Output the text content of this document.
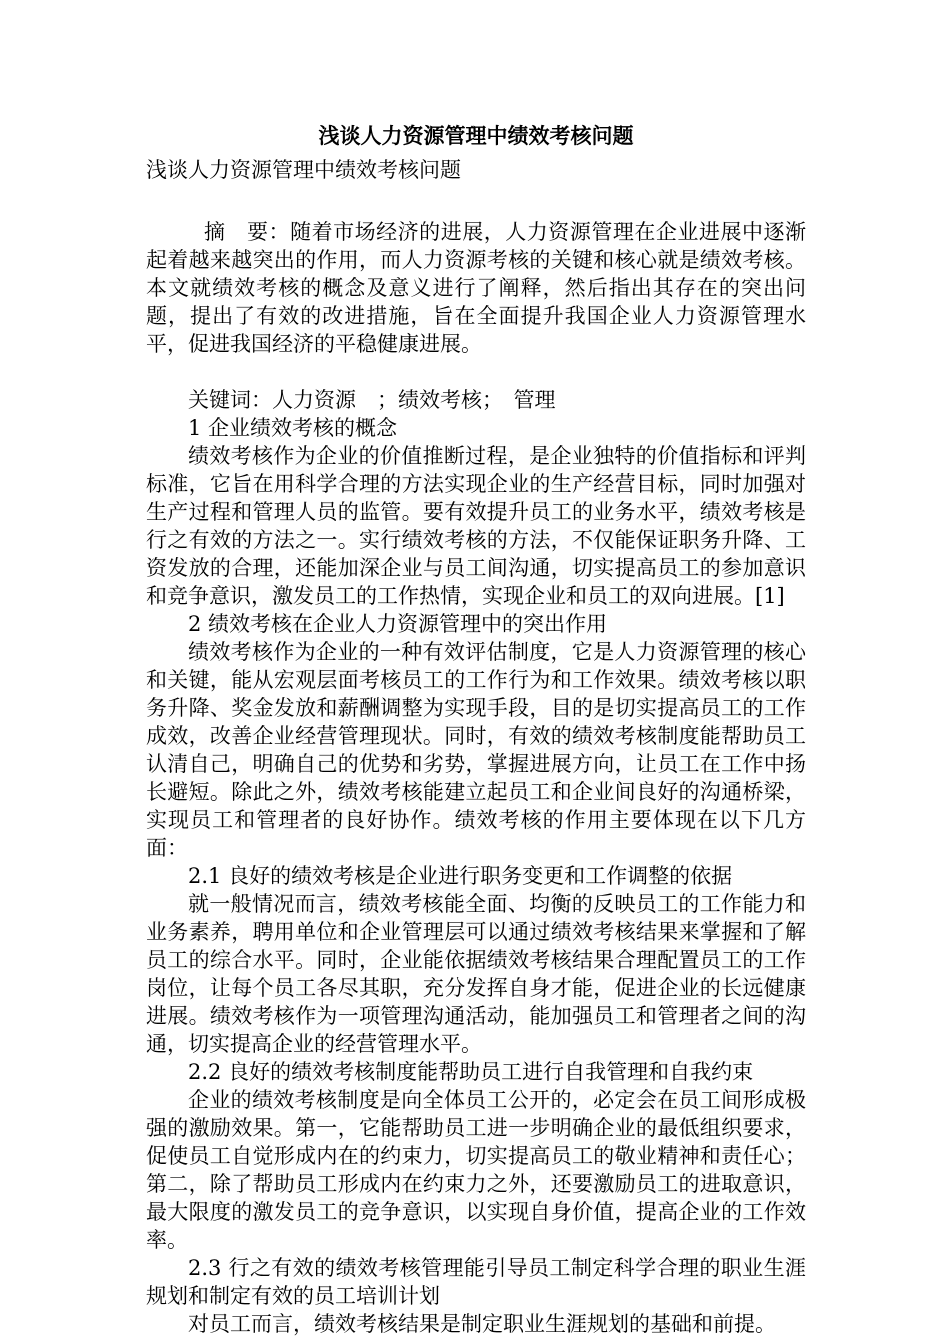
浅谈人力资源管理中绩效考核问题

浅谈人力资源管理中绩效考核问题

摘　要：随着市场经济的进展，人力资源管理在企业进展中逐渐起着越来越突出的作用，而人力资源考核的关键和核心就是绩效考核。本文就绩效考核的概念及意义进行了阐释，然后指出其存在的突出问题，提出了有效的改进措施，旨在全面提升我国企业人力资源管理水平，促进我国经济的平稳健康进展。

关键词：人力资源　；绩效考核；　管理

1 企业绩效考核的概念

绩效考核作为企业的价值推断过程，是企业独特的价值指标和评判标准，它旨在用科学合理的方法实现企业的生产经营目标，同时加强对生产过程和管理人员的监管。要有效提升员工的业务水平，绩效考核是行之有效的方法之一。实行绩效考核的方法，不仅能保证职务升降、工资发放的合理，还能加深企业与员工间沟通，切实提高员工的参加意识和竞争意识，激发员工的工作热情，实现企业和员工的双向进展。[1]

2 绩效考核在企业人力资源管理中的突出作用

绩效考核作为企业的一种有效评估制度，它是人力资源管理的核心和关键，能从宏观层面考核员工的工作行为和工作效果。绩效考核以职务升降、奖金发放和薪酬调整为实现手段，目的是切实提高员工的工作成效，改善企业经营管理现状。同时，有效的绩效考核制度能帮助员工认清自己，明确自己的优势和劣势，掌握进展方向，让员工在工作中扬长避短。除此之外，绩效考核能建立起员工和企业间良好的沟通桥梁，实现员工和管理者的良好协作。绩效考核的作用主要体现在以下几方面：

2.1 良好的绩效考核是企业进行职务变更和工作调整的依据

就一般情况而言，绩效考核能全面、均衡的反映员工的工作能力和业务素养，聘用单位和企业管理层可以通过绩效考核结果来掌握和了解员工的综合水平。同时，企业能依据绩效考核结果合理配置员工的工作岗位，让每个员工各尽其职，充分发挥自身才能，促进企业的长远健康进展。绩效考核作为一项管理沟通活动，能加强员工和管理者之间的沟通，切实提高企业的经营管理水平。

2.2 良好的绩效考核制度能帮助员工进行自我管理和自我约束

企业的绩效考核制度是向全体员工公开的，必定会在员工间形成极强的激励效果。第一，它能帮助员工进一步明确企业的最低组织要求，促使员工自觉形成内在的约束力，切实提高员工的敬业精神和责任心；第二，除了帮助员工形成内在约束力之外，还要激励员工的进取意识，最大限度的激发员工的竞争意识，以实现自身价值，提高企业的工作效率。

2.3 行之有效的绩效考核管理能引导员工制定科学合理的职业生涯规划和制定有效的员工培训计划

对员工而言，绩效考核结果是制定职业生涯规划的基础和前提。
